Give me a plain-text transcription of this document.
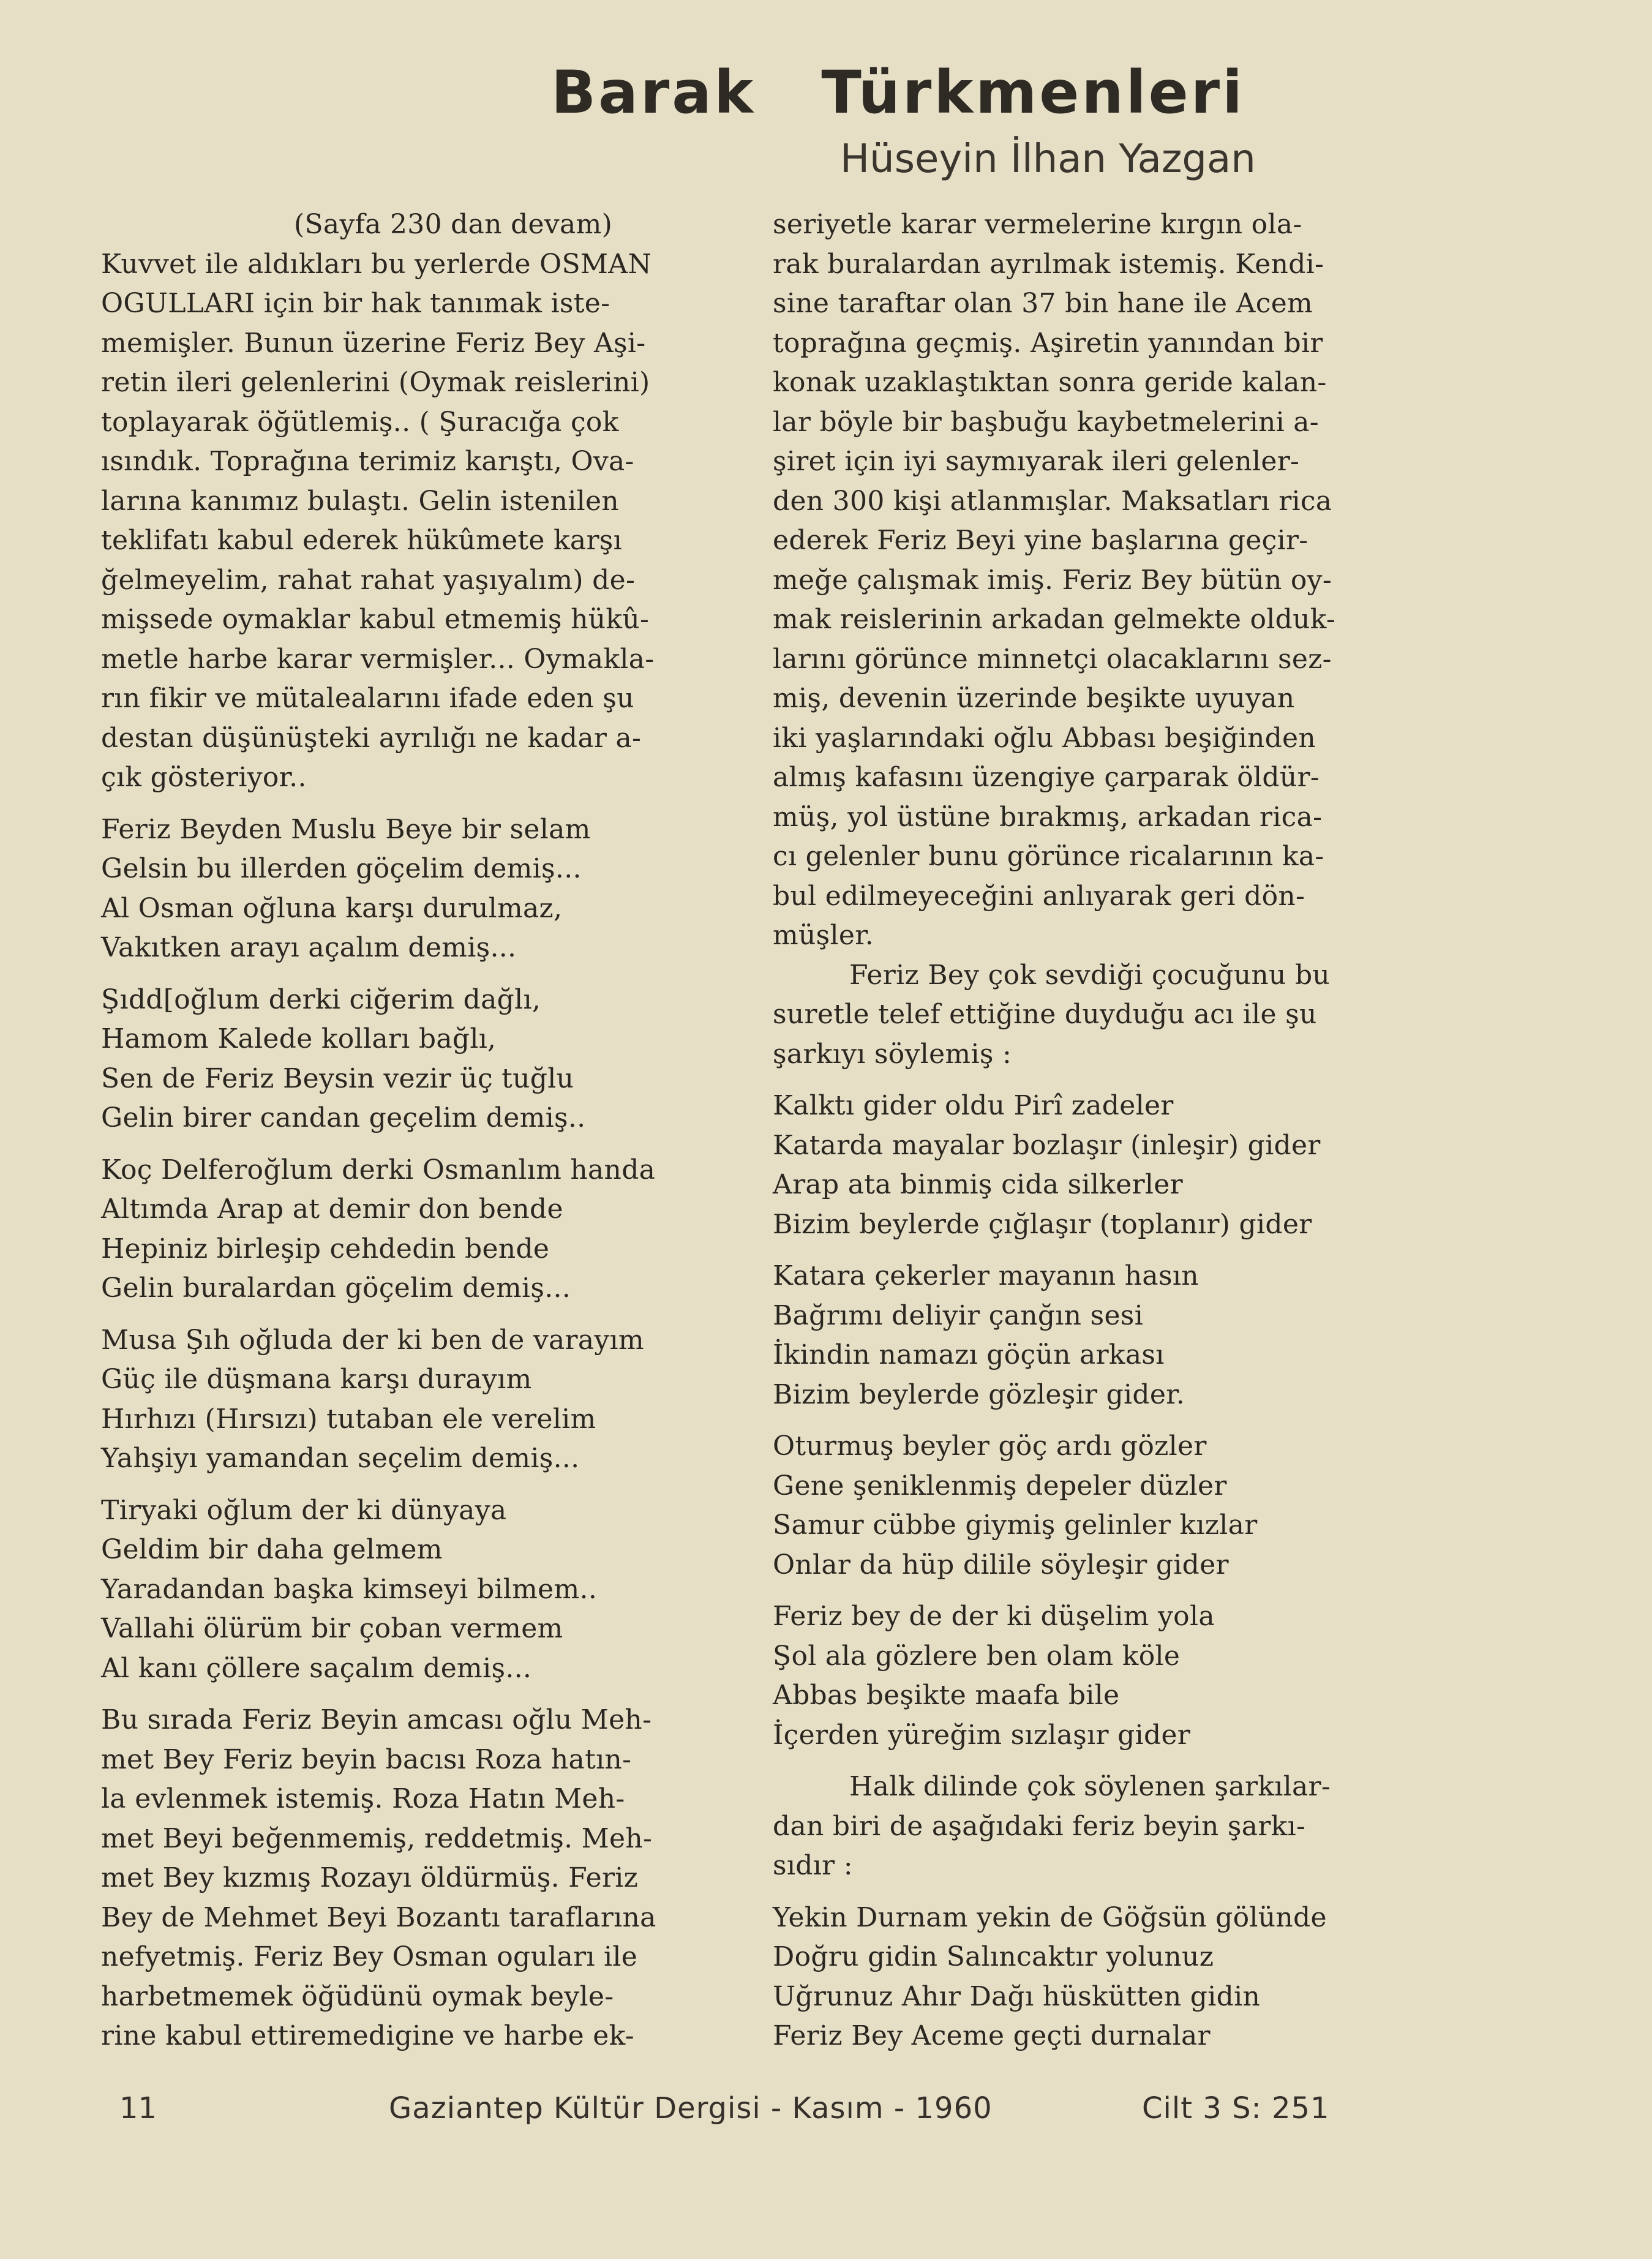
Barak Türkmenleri
Hüseyin İlhan Yazgan
(Sayfa 230 dan devam)
Kuvvet ile aldıkları bu yerlerde OSMAN
OGULLARI için bir hak tanımak iste-
memişler. Bunun üzerine Feriz Bey Aşi-
retin ileri gelenlerini (Oymak reislerini)
toplayarak öğütlemiş.. ( Şuracığa çok
ısındık. Toprağına terimiz karıştı, Ova-
larına kanımız bulaştı. Gelin istenilen
teklifatı kabul ederek hükûmete karşı
ğelmeyelim, rahat rahat yaşıyalım) de-
mişsede oymaklar kabul etmemiş hükû-
metle harbe karar vermişler... Oymakla-
rın fikir ve mütalealarını ifade eden şu
destan düşünüşteki ayrılığı ne kadar a-
çık gösteriyor..
Feriz Beyden Muslu Beye bir selam
Gelsin bu illerden göçelim demiş...
Al Osman oğluna karşı durulmaz,
Vakıtken arayı açalım demiş...
Şıdd[oğlum derki ciğerim dağlı,
Hamom Kalede kolları bağlı,
Sen de Feriz Beysin vezir üç tuğlu
Gelin birer candan geçelim demiş..
Koç Delferoğlum derki Osmanlım handa
Altımda Arap at demir don bende
Hepiniz birleşip cehdedin bende
Gelin buralardan göçelim demiş...
Musa Şıh oğluda der ki ben de varayım
Güç ile düşmana karşı durayım
Hırhızı (Hırsızı) tutaban ele verelim
Yahşiyı yamandan seçelim demiş...
Tiryaki oğlum der ki dünyaya
Geldim bir daha gelmem
Yaradandan başka kimseyi bilmem..
Vallahi ölürüm bir çoban vermem
Al kanı çöllere saçalım demiş...
Bu sırada Feriz Beyin amcası oğlu Meh-
met Bey Feriz beyin bacısı Roza hatın-
la evlenmek istemiş. Roza Hatın Meh-
met Beyi beğenmemiş, reddetmiş. Meh-
met Bey kızmış Rozayı öldürmüş. Feriz
Bey de Mehmet Beyi Bozantı taraflarına
nefyetmiş. Feriz Bey Osman oguları ile
harbetmemek öğüdünü oymak beyle-
rine kabul ettiremedigine ve harbe ek-
seriyetle karar vermelerine kırgın ola-
rak buralardan ayrılmak istemiş. Kendi-
sine taraftar olan 37 bin hane ile Acem
toprağına geçmiş. Aşiretin yanından bir
konak uzaklaştıktan sonra geride kalan-
lar böyle bir başbuğu kaybetmelerini a-
şiret için iyi saymıyarak ileri gelenler-
den 300 kişi atlanmışlar. Maksatları rica
ederek Feriz Beyi yine başlarına geçir-
meğe çalışmak imiş. Feriz Bey bütün oy-
mak reislerinin arkadan gelmekte olduk-
larını görünce minnetçi olacaklarını sez-
miş, devenin üzerinde beşikte uyuyan
iki yaşlarındaki oğlu Abbası beşiğinden
almış kafasını üzengiye çarparak öldür-
müş, yol üstüne bırakmış, arkadan rica-
cı gelenler bunu görünce ricalarının ka-
bul edilmeyeceğini anlıyarak geri dön-
müşler.
Feriz Bey çok sevdiği çocuğunu bu
suretle telef ettiğine duyduğu acı ile şu
şarkıyı söylemiş :
Kalktı gider oldu Pirî zadeler
Katarda mayalar bozlaşır (inleşir) gider
Arap ata binmiş cida silkerler
Bizim beylerde çığlaşır (toplanır) gider
Katara çekerler mayanın hasın
Bağrımı deliyir çanğın sesi
İkindin namazı göçün arkası
Bizim beylerde gözleşir gider.
Oturmuş beyler göç ardı gözler
Gene şeniklenmiş depeler düzler
Samur cübbe giymiş gelinler kızlar
Onlar da hüp dilile söyleşir gider
Feriz bey de der ki düşelim yola
Şol ala gözlere ben olam köle
Abbas beşikte maafa bile
İçerden yüreğim sızlaşır gider
Halk dilinde çok söylenen şarkılar-
dan biri de aşağıdaki feriz beyin şarkı-
sıdır :
Yekin Durnam yekin de Göğsün gölünde
Doğru gidin Salıncaktır yolunuz
Uğrunuz Ahır Dağı hüskütten gidin
Feriz Bey Aceme geçti durnalar
11	Gaziantep Kültür Dergisi - Kasım - 1960	Cilt 3 S: 251
